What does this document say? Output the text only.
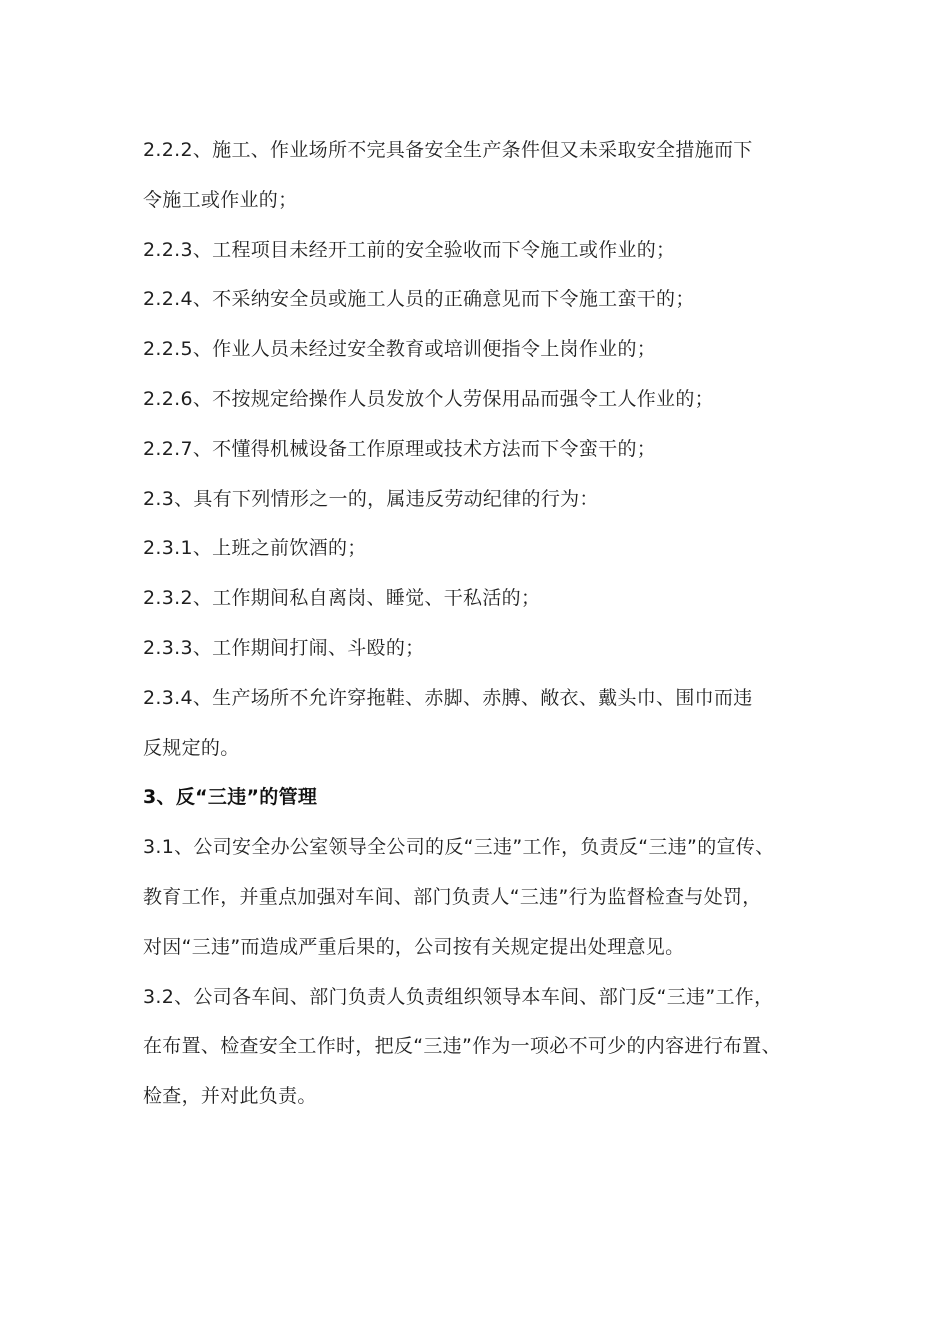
2.2.2、施工、作业场所不完具备安全生产条件但又未采取安全措施而下
令施工或作业的；
2.2.3、工程项目未经开工前的安全验收而下令施工或作业的；
2.2.4、不采纳安全员或施工人员的正确意见而下令施工蛮干的；
2.2.5、作业人员未经过安全教育或培训便指令上岗作业的；
2.2.6、不按规定给操作人员发放个人劳保用品而强令工人作业的；
2.2.7、不懂得机械设备工作原理或技术方法而下令蛮干的；
2.3、具有下列情形之一的，属违反劳动纪律的行为：
2.3.1、上班之前饮酒的；
2.3.2、工作期间私自离岗、睡觉、干私活的；
2.3.3、工作期间打闹、斗殴的；
2.3.4、生产场所不允许穿拖鞋、赤脚、赤膊、敞衣、戴头巾、围巾而违
反规定的。
3、反“三违”的管理
3.1、公司安全办公室领导全公司的反“三违”工作，负责反“三违”的宣传、
教育工作，并重点加强对车间、部门负责人“三违”行为监督检查与处罚，
对因“三违”而造成严重后果的，公司按有关规定提出处理意见。
3.2、公司各车间、部门负责人负责组织领导本车间、部门反“三违”工作，
在布置、检查安全工作时，把反“三违”作为一项必不可少的内容进行布置、
检查，并对此负责。
